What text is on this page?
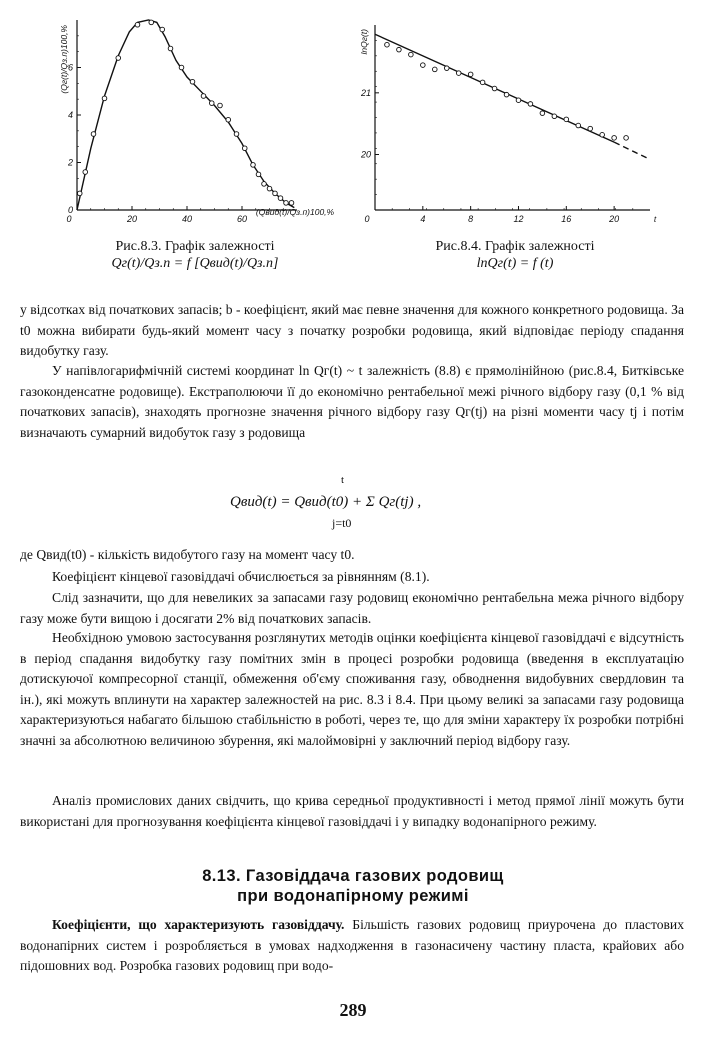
0	20	40	60
0
2
4
6
(Qвид(t)/Qз.п)100,%
(Qг(t)/Qз.п)100,%
Рис.8.3. Графік залежності
Qг(t)/Qз.п = f [Qвид(t)/Qз.п]
0	4	8	12	16	20
20
21
t
lnQг(t)
Рис.8.4. Графік залежності
lnQг(t) = f (t)
у відсотках від початкових запасів; b - коефіцієнт, який має певне значення для кожного конкретного родовища. За t0 можна вибирати будь-який момент часу з початку розробки родовища, який відповідає періоду спадання видобутку газу.
У напівлогарифмічній системі координат ln Qг(t) ~ t залежність (8.8) є прямолінійною (рис.8.4, Битківське газоконденсатне родовище). Екстраполюючи її до економічно рентабельної межі річного відбору газу (0,1 % від початкових запасів), знаходять прогнозне значення річного відбору газу Qг(tj) на різні моменти часу tj і потім визначають сумарний видобуток газу з родовища
t
Qвид(t) = Qвид(t0) + Σ Qг(tj) ,
j=t0
де Qвид(t0) - кількість видобутого газу на момент часу t0.
Коефіцієнт кінцевої газовіддачі обчислюється за рівнянням (8.1).
Слід зазначити, що для невеликих за запасами газу родовищ економічно рентабельна межа річного відбору газу може бути вищою і досягати 2% від початкових запасів.
Необхідною умовою застосування розглянутих методів оцінки коефіцієнта кінцевої газовіддачі є відсутність в період спадання видобутку газу помітних змін в процесі розробки родовища (введення в експлуатацію дотискуючої компресорної станції, обмеження об'єму споживання газу, обводнення видобувних свердловин та ін.), які можуть вплинути на характер залежностей на рис. 8.3 і 8.4. При цьому великі за запасами газу родовища характеризуються набагато більшою стабільністю в роботі, через те, що для зміни характеру їх розробки потрібні значні за абсолютною величиною збурення, які малоймовірні у заключний період відбору газу.
Аналіз промислових даних свідчить, що крива середньої продуктивності і метод прямої лінії можуть бути використані для прогнозування коефіцієнта кінцевої газовіддачі і у випадку водонапірного режиму.
8.13. Газовіддача газових родовищ
при водонапірному режимі
Коефіцієнти, що характеризують газовіддачу. Більшість газових родовищ приурочена до пластових водонапірних систем і розробляється в умовах надходження в газонасичену частину пласта, крайових або підошовних вод. Розробка газових родовищ при водо-
289
